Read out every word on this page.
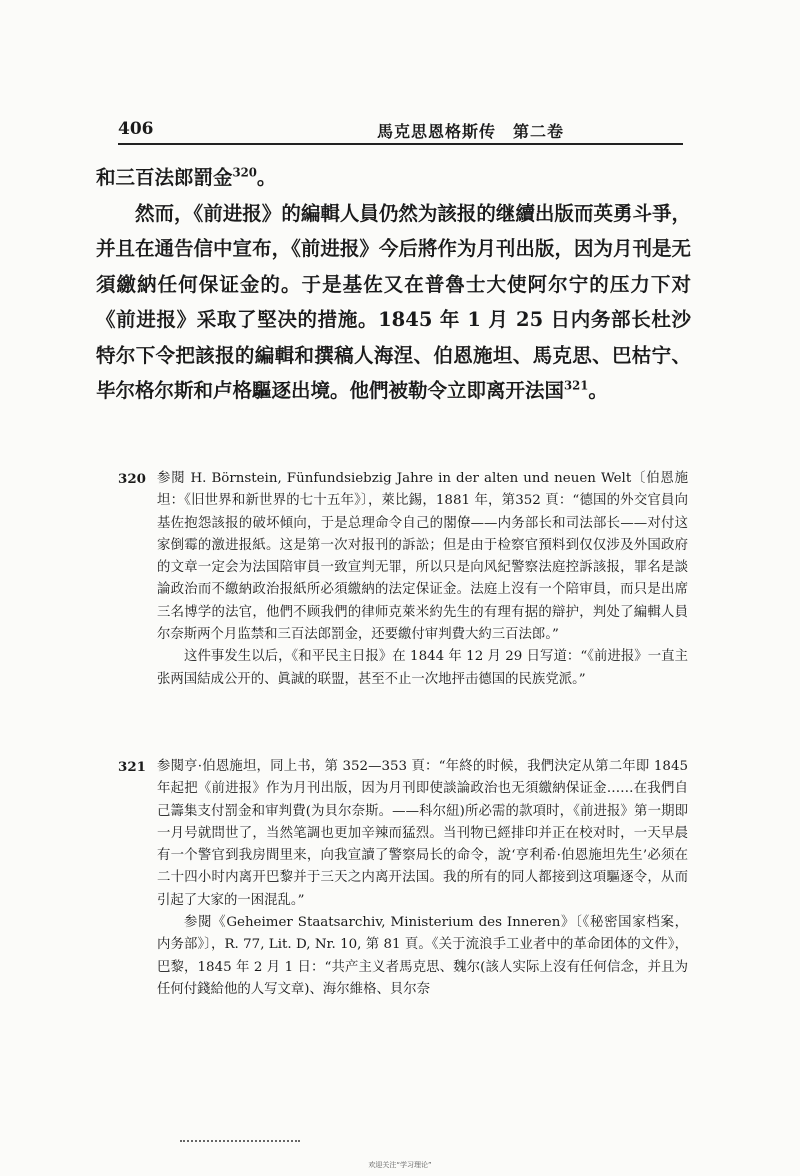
406	馬克思恩格斯传　第二卷

和三百法郎罰金$^{320}$。

然而，《前进报》的編輯人員仍然为該报的继續出版而英勇斗爭，并且在通告信中宣布，《前进报》今后將作为月刊出版，因为月刊是无須繳納任何保证金的。于是基佐又在普魯士大使阿尔宁的压力下对《前进报》采取了堅决的措施。1845 年 1 月 25 日内务部长杜沙特尔下令把該报的編輯和撰稿人海涅、伯恩施坦、馬克思、巴枯宁、毕尔格尔斯和卢格驅逐出境。他們被勒令立即离开法国$^{321}$。

320 参閱 H. Börnstein, Fünfundsiebzig Jahre in der alten und neuen Welt〔伯恩施坦：《旧世界和新世界的七十五年》〕，萊比錫，1881 年，第352 頁：“德国的外交官員向基佐抱怨該报的破坏傾向，于是总理命令自己的閣僚——内务部长和司法部长——对付这家倒霉的激进报紙。这是第一次对报刊的訴訟；但是由于检察官預料到仅仅涉及外国政府的文章一定会为法国陪审員一致宣判无罪，所以只是向风紀警察法庭控訴該报，罪名是談論政治而不繳納政治报紙所必須繳納的法定保证金。法庭上沒有一个陪审員，而只是出席三名博学的法官，他們不顾我們的律师克萊米約先生的有理有据的辯护，判处了編輯人員尔奈斯两个月监禁和三百法郎罰金，还要繳付审判費大約三百法郎。”
这件事发生以后，《和平民主日报》在 1844 年 12 月 29 日写道：“《前进报》一直主张两国結成公开的、眞誠的联盟，甚至不止一次地抨击德国的民族党派。”
321 参閱亨·伯恩施坦，同上书，第 352—353 頁：“年終的时候，我們決定从第二年即 1845 年起把《前进报》作为月刊出版，因为月刊即使談論政治也无須繳納保证金……在我們自己籌集支付罰金和审判費(为貝尔奈斯。——科尔紐)所必需的款項时，《前进报》第一期即一月号就問世了，当然笔調也更加辛辣而猛烈。当刊物已經排印并正在校对时，一天早晨有一个警官到我房間里来，向我宣讀了警察局长的命令，說‘亨利希·伯恩施坦先生’必须在二十四小时内离开巴黎并于三天之内离开法国。我的所有的同人都接到这項驅逐令，从而引起了大家的一困混乱。”
参閱《Geheimer Staatsarchiv, Ministerium des Inneren》〔《秘密国家档案，内务部》〕，R. 77, Lit. D, Nr. 10, 第 81 頁。《关于流浪手工业者中的革命团体的文件》，巴黎，1845 年 2 月 1 日：“共产主义者馬克思、魏尔(該人实际上沒有任何信念，并且为任何付錢給他的人写文章)、海尔維格、貝尔奈
欢迎关注“学习理论”
